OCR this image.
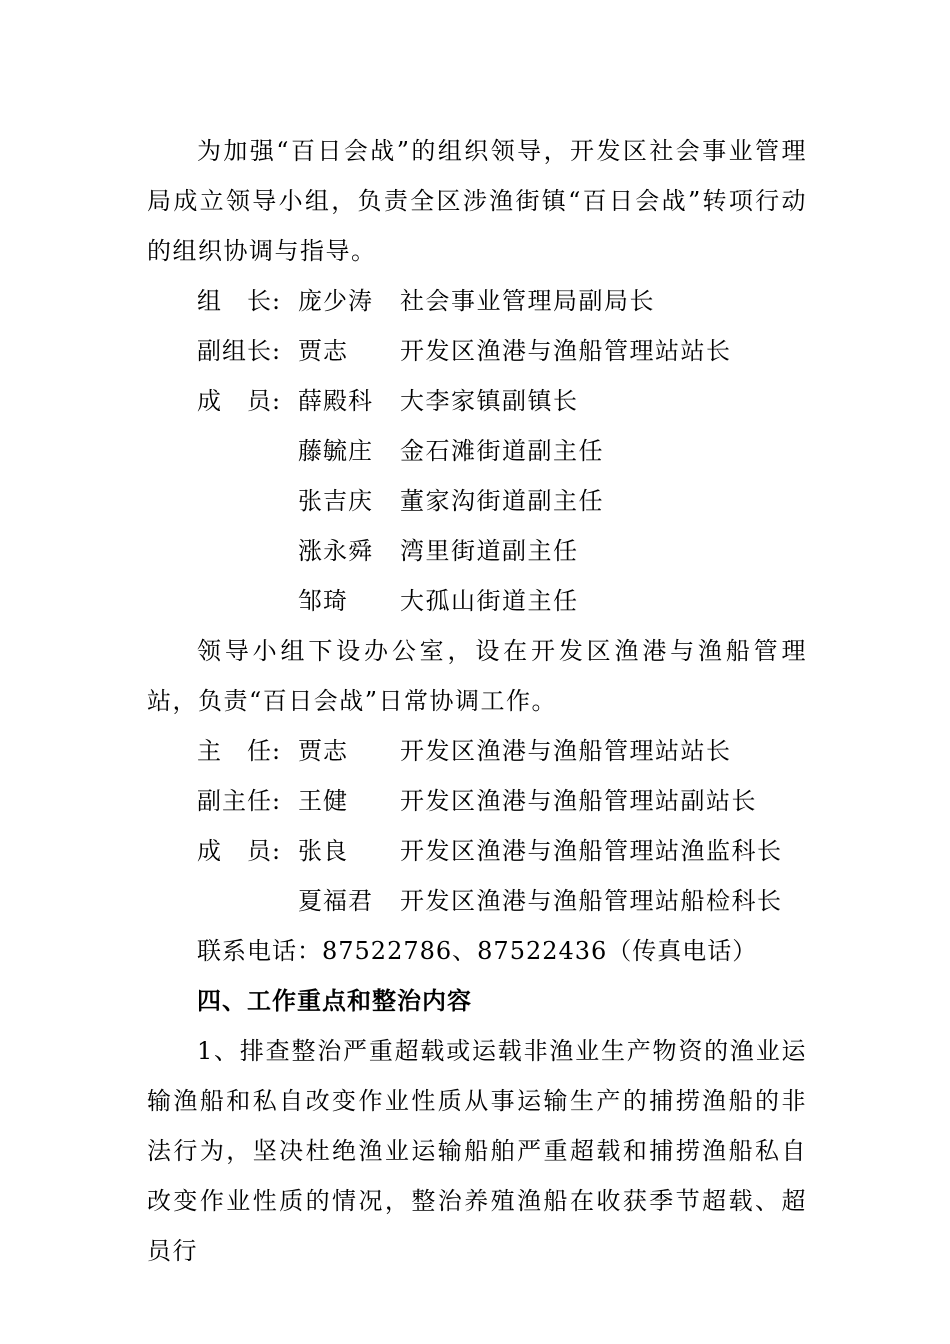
为加强“百日会战”的组织领导，开发区社会事业管理局成立领导小组，负责全区涉渔街镇“百日会战”转项行动的组织协调与指导。

组　长: 庞少涛 社会事业管理局副局长
副组长: 贾志 开发区渔港与渔船管理站站长
成　员: 薛殿科 大李家镇副镇长
藤毓庄 金石滩街道副主任
张吉庆 董家沟街道副主任
涨永舜 湾里街道副主任
邹琦 大孤山街道主任

领导小组下设办公室，设在开发区渔港与渔船管理站，负责“百日会战”日常协调工作。

主　任: 贾志 开发区渔港与渔船管理站站长
副主任: 王健 开发区渔港与渔船管理站副站长
成　员: 张良 开发区渔港与渔船管理站渔监科长
夏福君 开发区渔港与渔船管理站船检科长
联系电话：87522786、87522436（传真电话）
四、工作重点和整治内容

1、排查整治严重超载或运载非渔业生产物资的渔业运输渔船和私自改变作业性质从事运输生产的捕捞渔船的非法行为，坚决杜绝渔业运输船舶严重超载和捕捞渔船私自改变作业性质的情况，整治养殖渔船在收获季节超载、超员行
